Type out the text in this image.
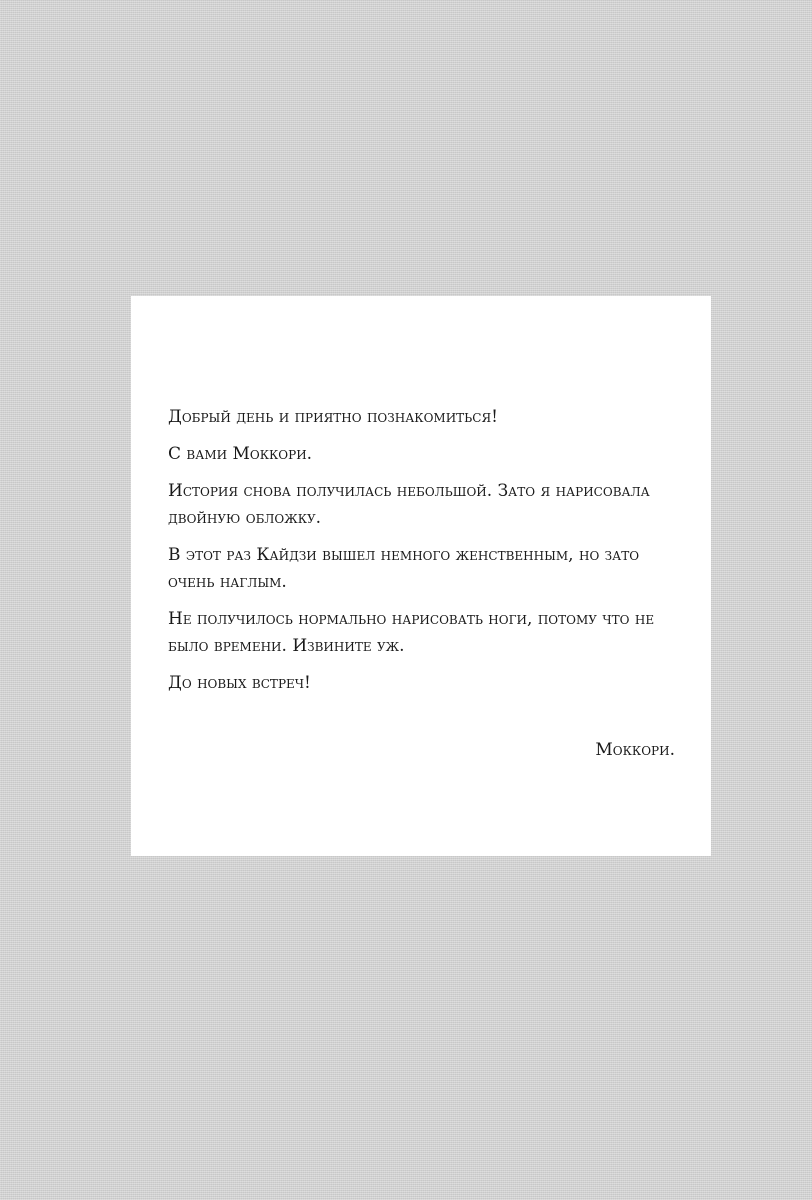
Добрый день и приятно познакомиться!

С вами Моккори.

История снова получилась небольшой. Зато я нарисовала двойную обложку.

В этот раз Кайдзи вышел немного женственным, но зато очень наглым.

Не получилось нормально нарисовать ноги, потому что не было времени. Извините уж.

До новых встреч!

Моккори.
